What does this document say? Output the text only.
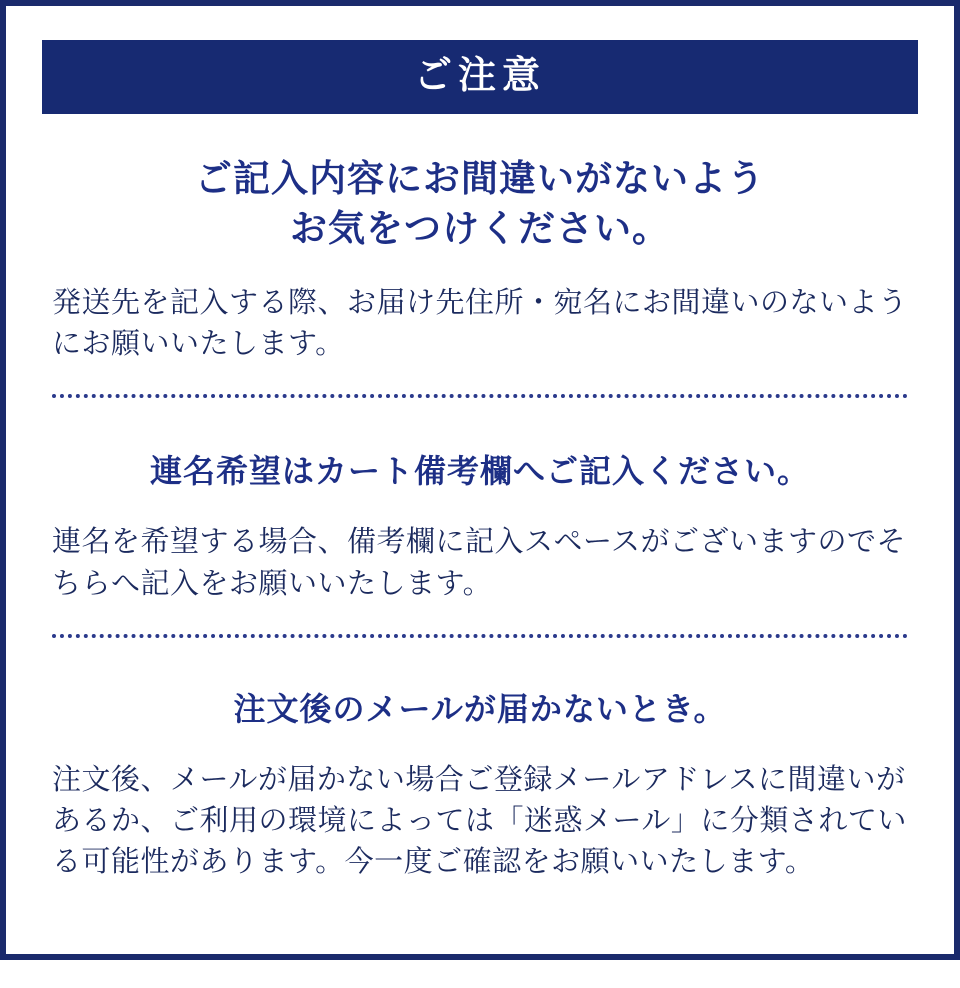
ご注意
ご記入内容にお間違いがないよう
お気をつけください。

発送先を記入する際、お届け先住所・宛名にお間違いのないようにお願いいたします。

連名希望はカート備考欄へご記入ください。

連名を希望する場合、備考欄に記入スペースがございますのでそちらへ記入をお願いいたします。

注文後のメールが届かないとき。

注文後、メールが届かない場合ご登録メールアドレスに間違いがあるか、ご利用の環境によっては「迷惑メール」に分類されている可能性があります。今一度ご確認をお願いいたします。
